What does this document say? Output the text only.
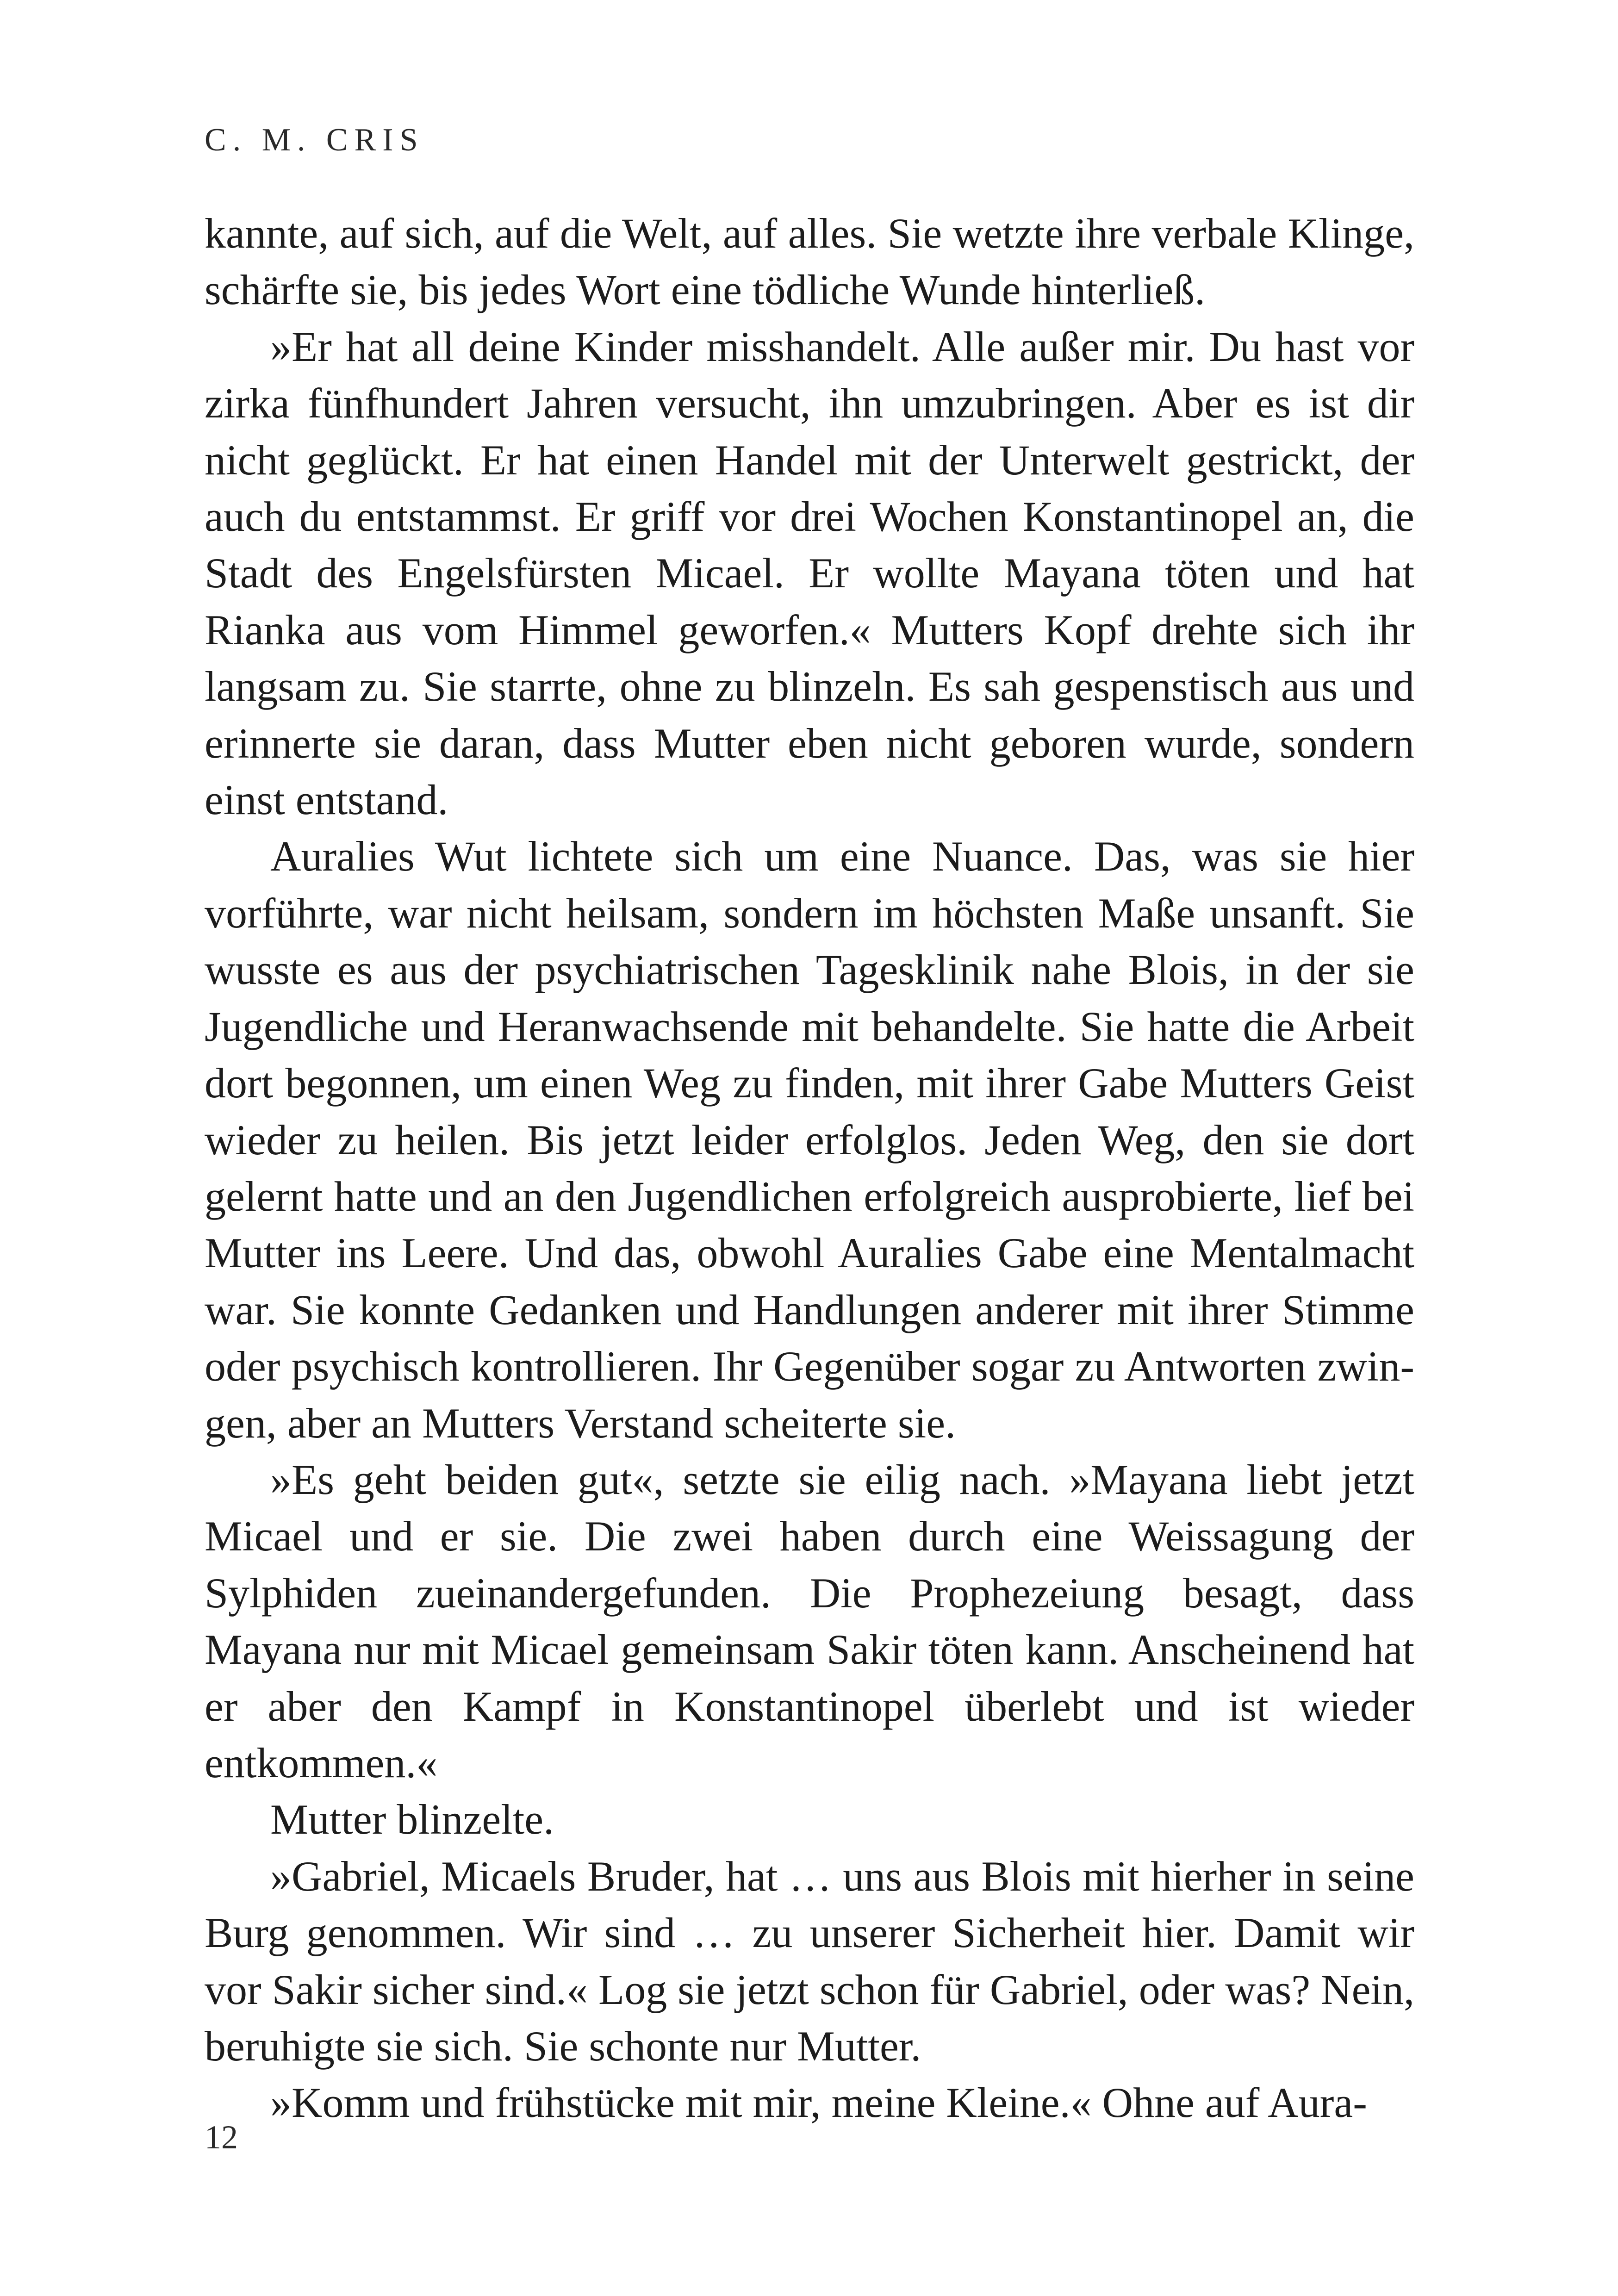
C. M. CRIS

kannte, auf sich, auf die Welt, auf alles. Sie wetzte ihre verbale Klinge, schärfte sie, bis jedes Wort eine tödliche Wunde hinterließ.

»Er hat all deine Kinder misshandelt. Alle außer mir. Du hast vor zirka fünfhundert Jahren versucht, ihn umzubringen. Aber es ist dir nicht geglückt. Er hat einen Handel mit der Unterwelt gestrickt, der auch du entstammst. Er griff vor drei Wochen Konstantinopel an, die Stadt des Engelsfürsten Micael. Er wollte Mayana töten und hat Rianka aus vom Himmel geworfen.« Mutters Kopf drehte sich ihr langsam zu. Sie starrte, ohne zu blinzeln. Es sah gespenstisch aus und erinnerte sie daran, dass Mutter eben nicht geboren wurde, sondern einst entstand.

Auralies Wut lichtete sich um eine Nuance. Das, was sie hier vorführte, war nicht heilsam, sondern im höchsten Maße unsanft. Sie wusste es aus der psychiatrischen Tagesklinik nahe Blois, in der sie Jugendliche und Heranwachsende mit behandelte. Sie hatte die Arbeit dort begonnen, um einen Weg zu finden, mit ihrer Gabe Mutters Geist wieder zu heilen. Bis jetzt leider erfolglos. Jeden Weg, den sie dort gelernt hatte und an den Jugendlichen erfolgreich ausprobierte, lief bei Mutter ins Leere. Und das, obwohl Auralies Gabe eine Mentalmacht war. Sie konnte Gedanken und Handlungen anderer mit ihrer Stimme oder psychisch kontrollieren. Ihr Gegenüber sogar zu Antworten zwingen, aber an Mutters Verstand scheiterte sie.

»Es geht beiden gut«, setzte sie eilig nach. »Mayana liebt jetzt Micael und er sie. Die zwei haben durch eine Weissagung der Sylphiden zueinandergefunden. Die Prophezeiung besagt, dass Mayana nur mit Micael gemeinsam Sakir töten kann. Anscheinend hat er aber den Kampf in Konstantinopel überlebt und ist wieder entkommen.«

Mutter blinzelte.

»Gabriel, Micaels Bruder, hat … uns aus Blois mit hierher in seine Burg genommen. Wir sind … zu unserer Sicherheit hier. Damit wir vor Sakir sicher sind.« Log sie jetzt schon für Gabriel, oder was? Nein, beruhigte sie sich. Sie schonte nur Mutter.

»Komm und frühstücke mit mir, meine Kleine.« Ohne auf Aura-

12
